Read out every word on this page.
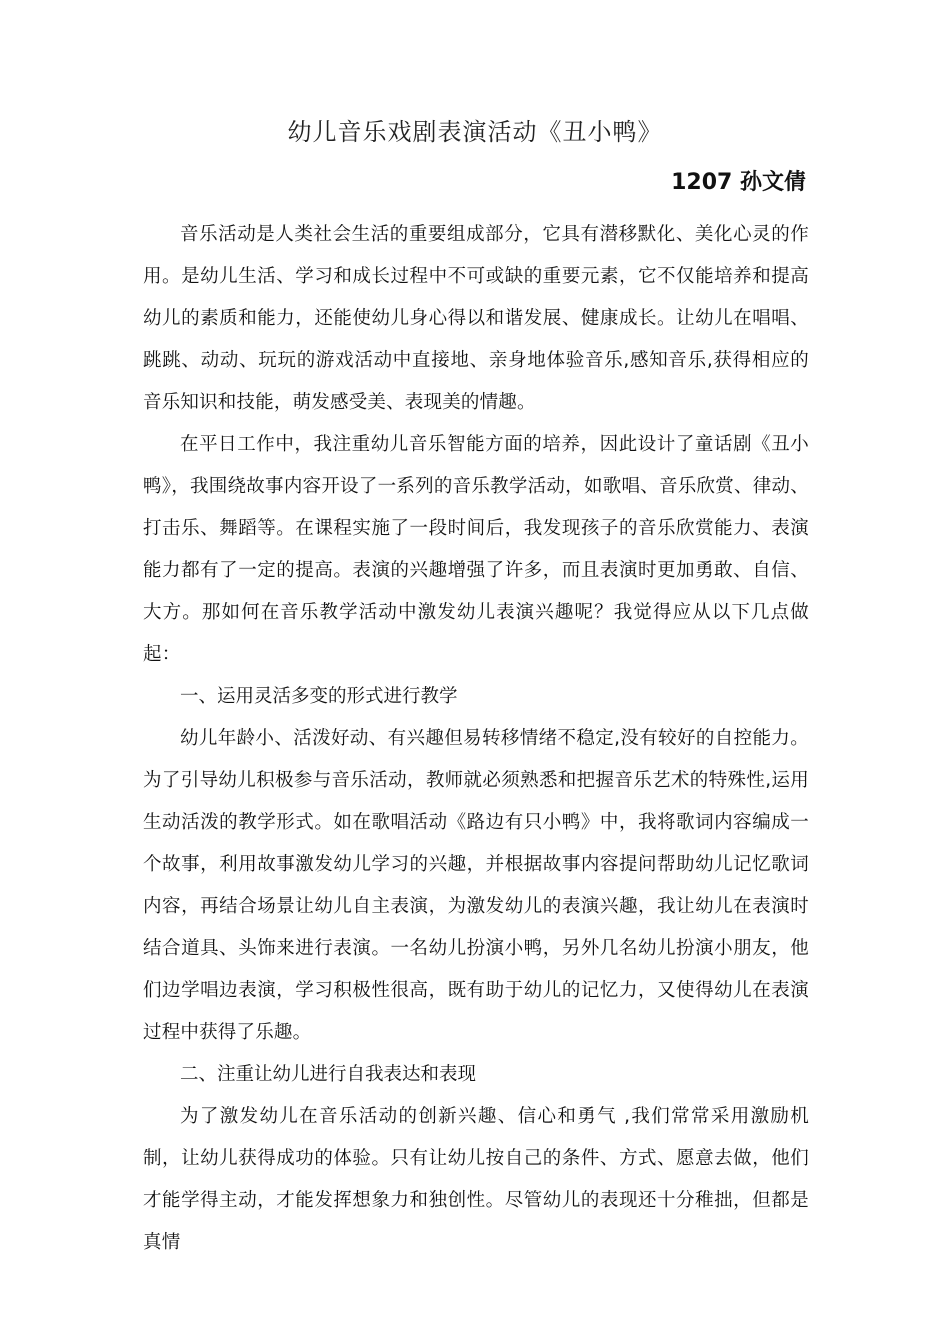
幼儿音乐戏剧表演活动《丑小鸭》
1207 孙文倩

音乐活动是人类社会生活的重要组成部分，它具有潜移默化、美化心灵的作用。是幼儿生活、学习和成长过程中不可或缺的重要元素，它不仅能培养和提高幼儿的素质和能力，还能使幼儿身心得以和谐发展、健康成长。让幼儿在唱唱、跳跳、动动、玩玩的游戏活动中直接地、亲身地体验音乐,感知音乐,获得相应的音乐知识和技能，萌发感受美、表现美的情趣。

在平日工作中，我注重幼儿音乐智能方面的培养，因此设计了童话剧《丑小鸭》，我围绕故事内容开设了一系列的音乐教学活动，如歌唱、音乐欣赏、律动、打击乐、舞蹈等。在课程实施了一段时间后，我发现孩子的音乐欣赏能力、表演能力都有了一定的提高。表演的兴趣增强了许多，而且表演时更加勇敢、自信、大方。那如何在音乐教学活动中激发幼儿表演兴趣呢？我觉得应从以下几点做起：

一、运用灵活多变的形式进行教学

幼儿年龄小、活泼好动、有兴趣但易转移情绪不稳定,没有较好的自控能力。为了引导幼儿积极参与音乐活动，教师就必须熟悉和把握音乐艺术的特殊性,运用生动活泼的教学形式。如在歌唱活动《路边有只小鸭》中，我将歌词内容编成一个故事，利用故事激发幼儿学习的兴趣，并根据故事内容提问帮助幼儿记忆歌词内容，再结合场景让幼儿自主表演，为激发幼儿的表演兴趣，我让幼儿在表演时结合道具、头饰来进行表演。一名幼儿扮演小鸭，另外几名幼儿扮演小朋友，他们边学唱边表演，学习积极性很高，既有助于幼儿的记忆力，又使得幼儿在表演过程中获得了乐趣。

二、注重让幼儿进行自我表达和表现

为了激发幼儿在音乐活动的创新兴趣、信心和勇气 ,我们常常采用激励机制，让幼儿获得成功的体验。只有让幼儿按自己的条件、方式、愿意去做，他们才能学得主动，才能发挥想象力和独创性。尽管幼儿的表现还十分稚拙，但都是真情
